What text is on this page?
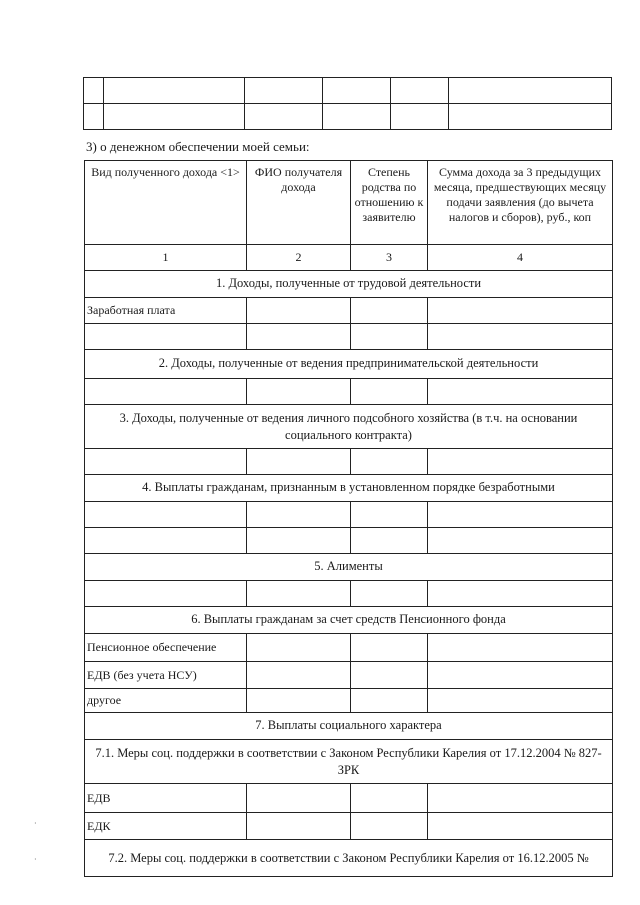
3) о денежном обеспечении моей семьи:
Вид полученного дохода <1>	ФИО получателя дохода	Степень родства по отношению к заявителю	Сумма дохода за 3 предыдущих месяца, предшествующих месяцу подачи заявления (до вычета налогов и сборов), руб., коп
1	2	3	4
1. Доходы, полученные от трудовой деятельности			
Заработная плата			

2. Доходы, полученные от ведения предпринимательской деятельности			

3. Доходы, полученные от ведения личного подсобного хозяйства (в т.ч. на основании социального контракта)			

4. Выплаты гражданам, признанным в установленном порядке безработными			

5. Алименты			

6. Выплаты гражданам за счет средств Пенсионного фонда			
Пенсионное обеспечение			
ЕДВ (без учета НСУ)			
другое			
7. Выплаты социального характера			
7.1. Меры соц. поддержки в соответствии с Законом Республики Карелия от 17.12.2004 № 827-ЗРК			
ЕДВ			
ЕДК			
7.2. Меры соц. поддержки в соответствии с Законом Республики Карелия от 16.12.2005 №			
·
·
